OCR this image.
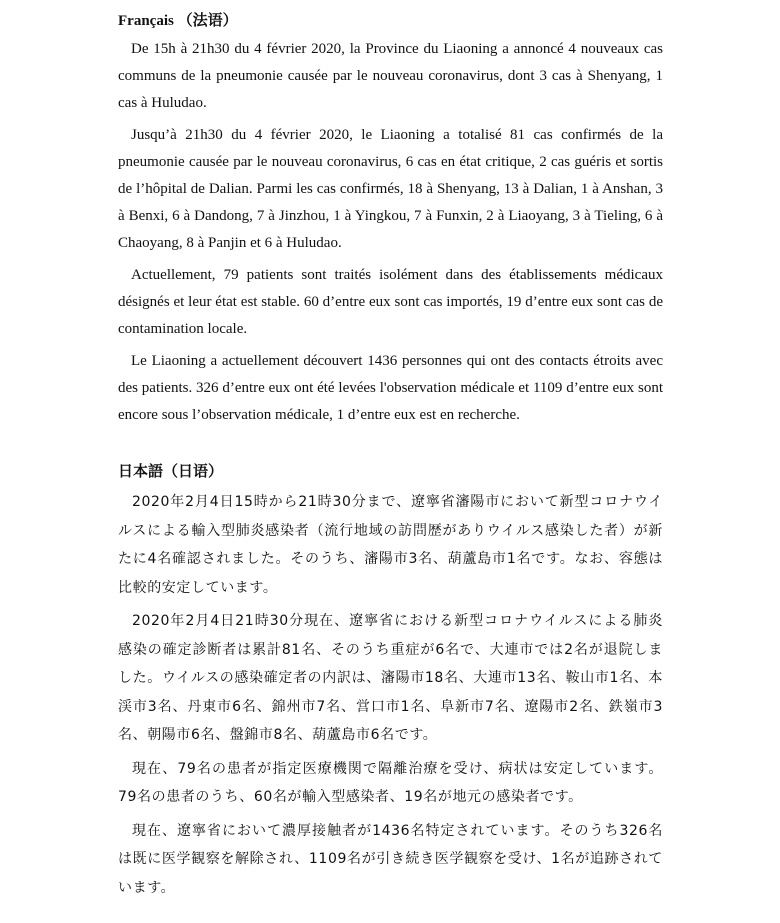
Français （法语）

De 15h à 21h30 du 4 février 2020, la Province du Liaoning a annoncé 4 nouveaux cas communs de la pneumonie causée par le nouveau coronavirus, dont 3 cas à Shenyang, 1 cas à Huludao.

Jusqu’à 21h30 du 4 février 2020, le Liaoning a totalisé 81 cas confirmés de la pneumonie causée par le nouveau coronavirus, 6 cas en état critique, 2 cas guéris et sortis de l’hôpital de Dalian. Parmi les cas confirmés, 18 à Shenyang, 13 à Dalian, 1 à Anshan, 3 à Benxi, 6 à Dandong, 7 à Jinzhou, 1 à Yingkou, 7 à Funxin, 2 à Liaoyang, 3 à Tieling, 6 à Chaoyang, 8 à Panjin et 6 à Huludao.

Actuellement, 79 patients sont traités isolément dans des établissements médicaux désignés et leur état est stable. 60 d’entre eux sont cas importés, 19 d’entre eux sont cas de contamination locale.

Le Liaoning a actuellement découvert 1436 personnes qui ont des contacts étroits avec des patients. 326 d’entre eux ont été levées l'observation médicale et 1109 d’entre eux sont encore sous l’observation médicale, 1 d’entre eux est en recherche.

日本語（日语）

2020年2月4日15時から21時30分まで、遼寧省瀋陽市において新型コロナウイルスによる輸入型肺炎感染者（流行地域の訪問歴がありウイルス感染した者）が新たに4名確認されました。そのうち、瀋陽市3名、葫蘆島市1名です。なお、容態は比較的安定しています。

2020年2月4日21時30分現在、遼寧省における新型コロナウイルスによる肺炎感染の確定診断者は累計81名、そのうち重症が6名で、大連市では2名が退院しました。ウイルスの感染確定者の内訳は、瀋陽市18名、大連市13名、鞍山市1名、本渓市3名、丹東市6名、錦州市7名、営口市1名、阜新市7名、遼陽市2名、鉄嶺市3名、朝陽市6名、盤錦市8名、葫蘆島市6名です。

現在、79名の患者が指定医療機関で隔離治療を受け、病状は安定しています。79名の患者のうち、60名が輸入型感染者、19名が地元の感染者です。

現在、遼寧省において濃厚接触者が1436名特定されています。そのうち326名は既に医学観察を解除され、1109名が引き続き医学観察を受け、1名が追跡されています。
